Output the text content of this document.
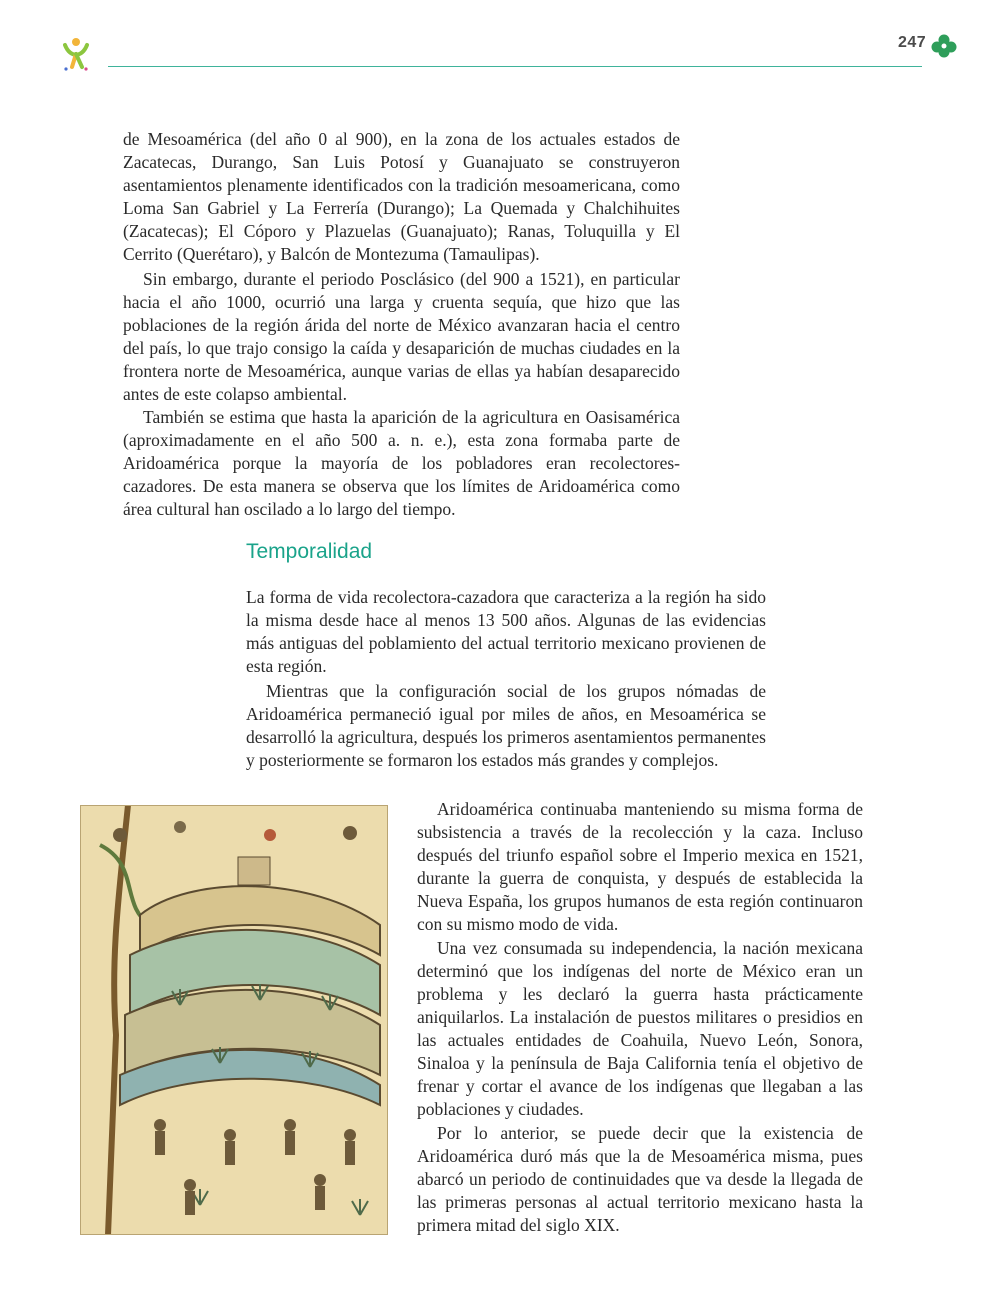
247

de Mesoamérica (del año 0 al 900), en la zona de los actuales estados de Zacatecas, Durango, San Luis Potosí y Guanajuato se construyeron asentamientos plenamente identificados con la tradición mesoamericana, como Loma San Gabriel y La Ferrería (Durango); La Quemada y Chalchihuites (Zacatecas); El Cóporo y Plazuelas (Guanajuato); Ranas, Toluquilla y El Cerrito (Querétaro), y Balcón de Montezuma (Tamaulipas).

Sin embargo, durante el periodo Posclásico (del 900 a 1521), en particular hacia el año 1000, ocurrió una larga y cruenta sequía, que hizo que las poblaciones de la región árida del norte de México avanzaran hacia el centro del país, lo que trajo consigo la caída y desaparición de muchas ciudades en la frontera norte de Mesoamérica, aunque varias de ellas ya habían desaparecido antes de este colapso ambiental.

También se estima que hasta la aparición de la agricultura en Oasisamérica (aproximadamente en el año 500 a. n. e.), esta zona formaba parte de Aridoamérica porque la mayoría de los pobladores eran recolectores-cazadores. De esta manera se observa que los límites de Aridoamérica como área cultural han oscilado a lo largo del tiempo.

Temporalidad

La forma de vida recolectora-cazadora que caracteriza a la región ha sido la misma desde hace al menos 13 500 años. Algunas de las evidencias más antiguas del poblamiento del actual territorio mexicano provienen de esta región.

Mientras que la configuración social de los grupos nómadas de Aridoamérica permaneció igual por miles de años, en Mesoamérica se desarrolló la agricultura, después los primeros asentamientos permanentes y posteriormente se formaron los estados más grandes y complejos.

Aridoamérica continuaba manteniendo su misma forma de subsistencia a través de la recolección y la caza. Incluso después del triunfo español sobre el Imperio mexica en 1521, durante la guerra de conquista, y después de establecida la Nueva España, los grupos humanos de esta región continuaron con su mismo modo de vida.

Una vez consumada su independencia, la nación mexicana determinó que los indígenas del norte de México eran un problema y les declaró la guerra hasta prácticamente aniquilarlos. La instalación de puestos militares o presidios en las actuales entidades de Coahuila, Nuevo León, Sonora, Sinaloa y la península de Baja California tenía el objetivo de frenar y cortar el avance de los indígenas que llegaban a las poblaciones y ciudades.

Por lo anterior, se puede decir que la existencia de Aridoamérica duró más que la de Mesoamérica misma, pues abarcó un periodo de continuidades que va desde la llegada de las primeras personas al actual territorio mexicano hasta la primera mitad del siglo XIX.
